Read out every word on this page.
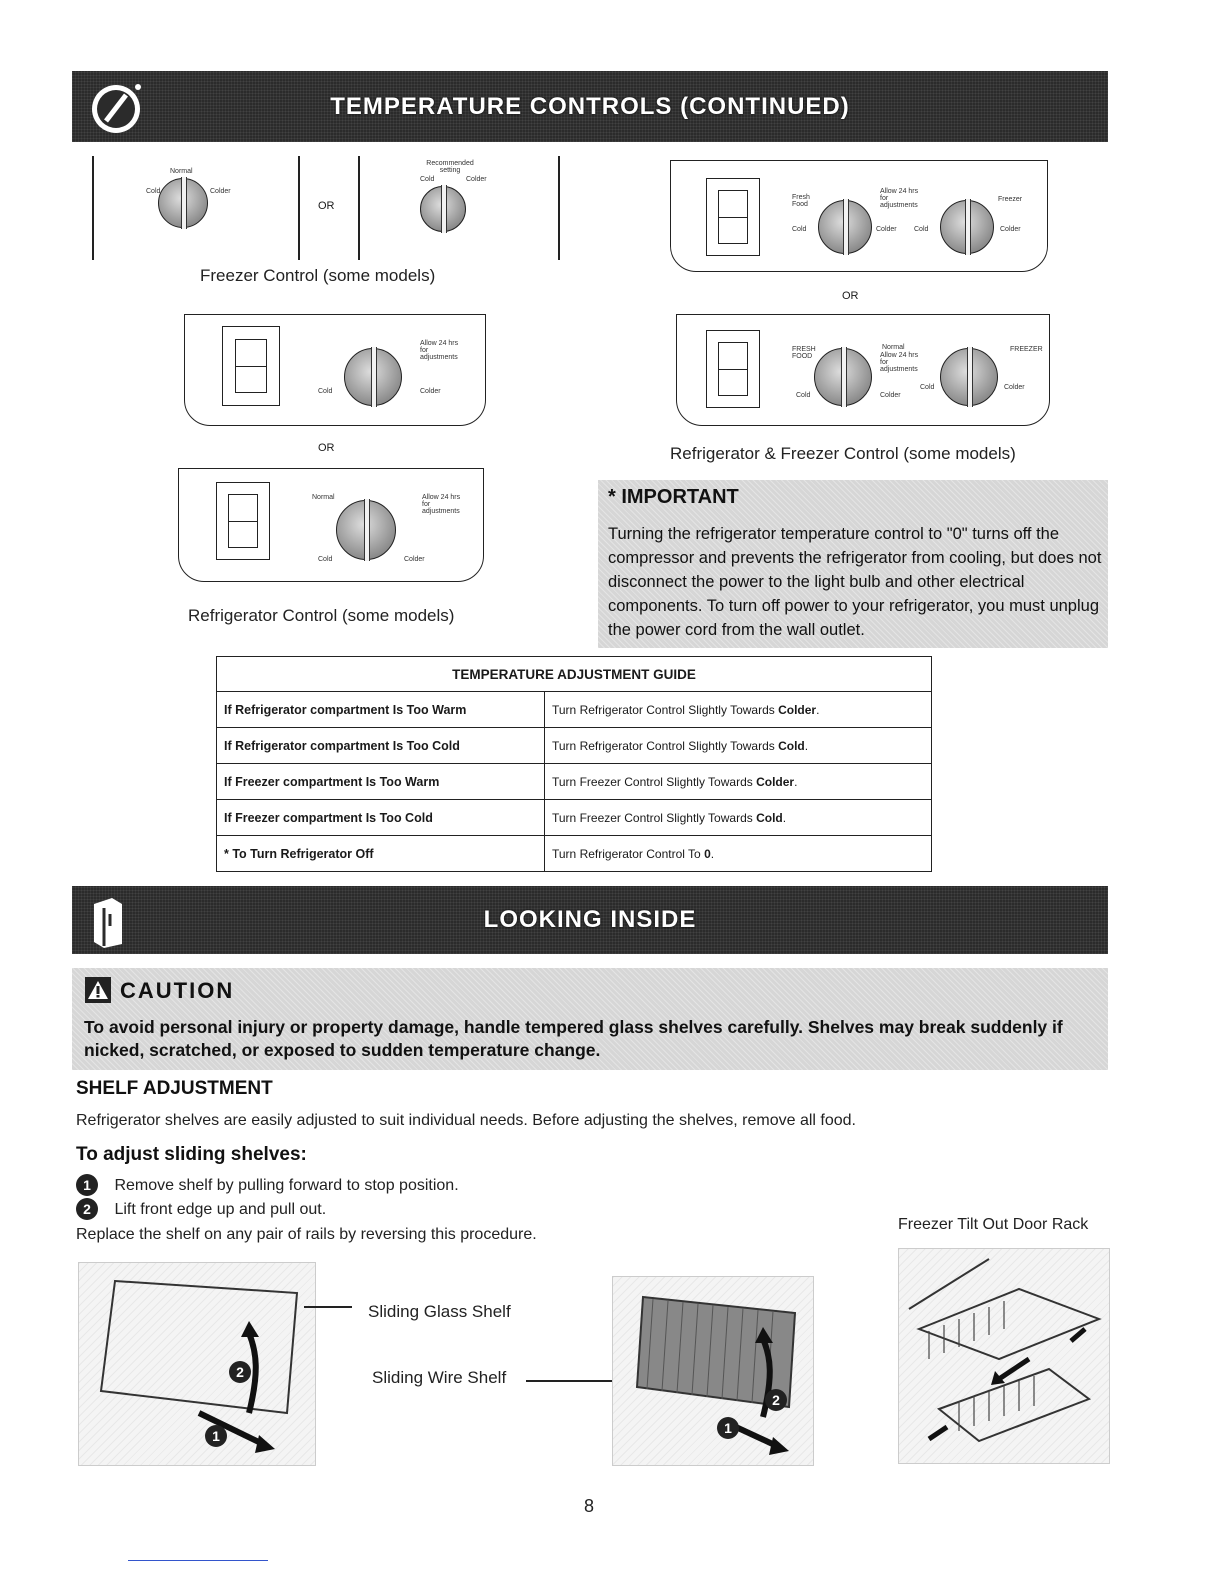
TEMPERATURE CONTROLS (CONTINUED)
Normal
Cold	Colder
OR
Recommended setting
Cold	Colder
Freezer Control (some models)
Allow 24 hrs for adjustments
Cold	Colder
OR
Normal	Allow 24 hrs for adjustments
Cold	Colder
Refrigerator Control (some models)
Fresh Food
Allow 24 hrs for adjustments
Freezer
Cold	Colder Cold	Colder
OR
FRESH FOOD
Normal
Allow 24 hrs for adjustments
FREEZER
Cold	Colder
Cold	Colder
Refrigerator & Freezer Control (some models)
* IMPORTANT
Turning the refrigerator temperature control to "0" turns off the compressor and prevents the refrigerator from cooling, but does not disconnect the power to the light bulb and other electrical components. To turn off power to your refrigerator, you must unplug the power cord from the wall outlet.
TEMPERATURE ADJUSTMENT GUIDE	
If Refrigerator compartment Is Too Warm	Turn Refrigerator Control Slightly Towards Colder.
If Refrigerator compartment Is Too Cold	Turn Refrigerator Control Slightly Towards Cold.
If Freezer compartment Is Too Warm	Turn Freezer Control Slightly Towards Colder.
If Freezer compartment Is Too Cold	Turn Freezer Control Slightly Towards Cold.
* To Turn Refrigerator Off	Turn Refrigerator Control To 0.
LOOKING INSIDE
CAUTION
To avoid personal injury or property damage, handle tempered glass shelves carefully. Shelves may break suddenly if nicked, scratched, or exposed to sudden temperature change.
SHELF ADJUSTMENT
Refrigerator shelves are easily adjusted to suit individual needs. Before adjusting the shelves, remove all food.
To adjust sliding shelves:
1 Remove shelf by pulling forward to stop position.
2 Lift front edge up and pull out.
Replace the shelf on any pair of rails by reversing this procedure.
2
1
Sliding Glass Shelf
Sliding Wire Shelf
2
1
Freezer Tilt Out Door Rack
8
